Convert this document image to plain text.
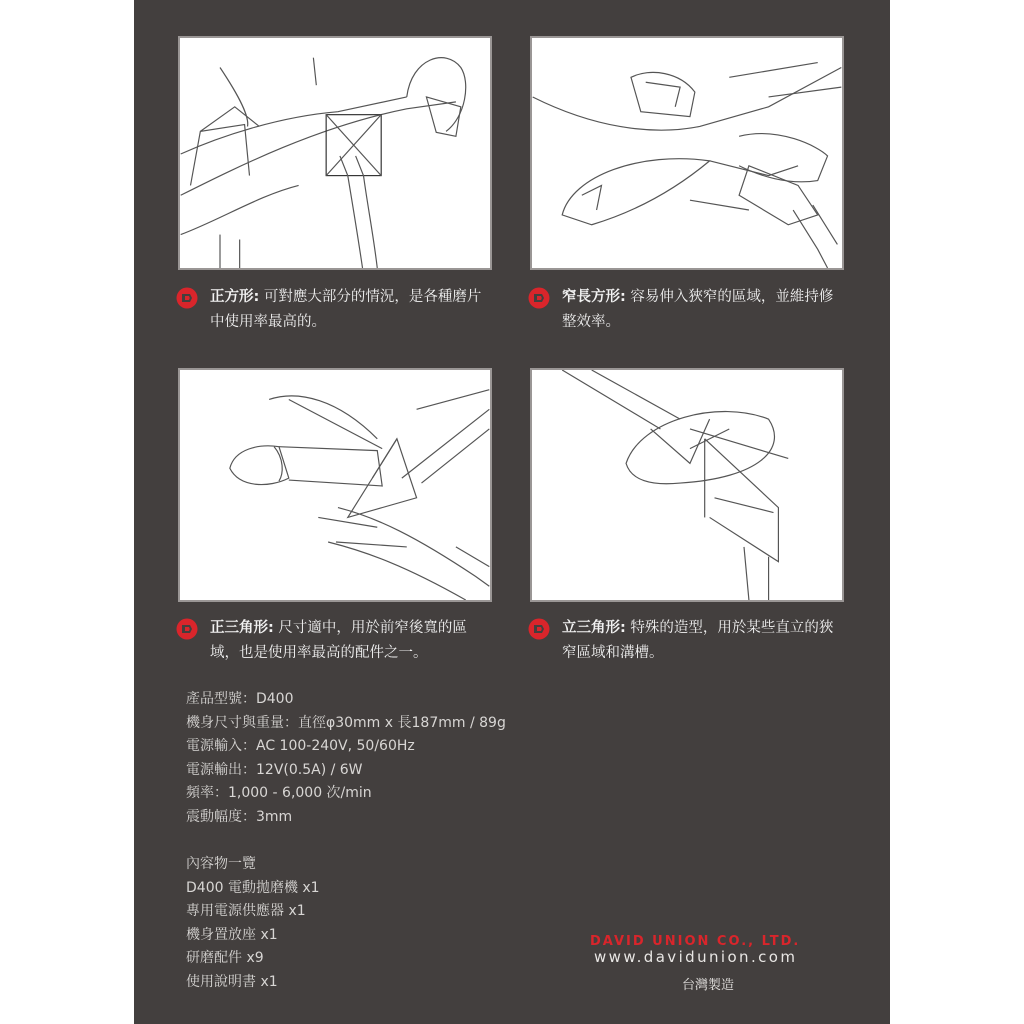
正方形: 可對應大部分的情況，是各種磨片中使用率最高的。
窄長方形: 容易伸入狹窄的區域，並維持修整效率。
正三角形: 尺寸適中，用於前窄後寬的區域，也是使用率最高的配件之一。
立三角形: 特殊的造型，用於某些直立的狹窄區域和溝槽。
產品型號：D400
機身尺寸與重量：直徑φ30mm x 長187mm / 89g
電源輸入：AC 100-240V, 50/60Hz
電源輸出：12V(0.5A) / 6W
頻率：1,000 - 6,000 次/min
震動幅度：3mm
內容物一覽
D400 電動拋磨機 x1
專用電源供應器 x1
機身置放座 x1
研磨配件 x9
使用說明書 x1
DAVID UNION CO., LTD.
www.davidunion.com
台灣製造
